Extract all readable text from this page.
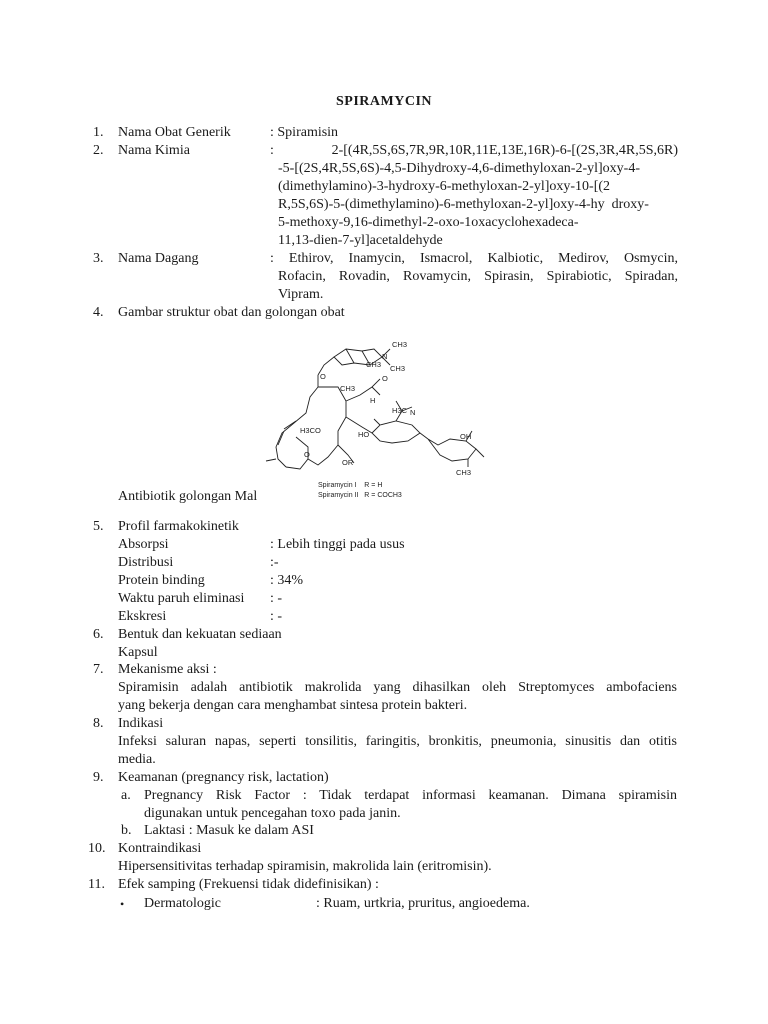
SPIRAMYCIN
1. Nama Obat Generik	: Spiramisin
2. Nama Kimia	: 2-[(4R,5S,6S,7R,9R,10R,11E,13E,16R)-6-[(2S,3R,4R,5S,6R)
-5-[(2S,4R,5S,6S)-4,5-Dihydroxy-4,6-dimethyloxan-2-yl]oxy-4-
(dimethylamino)-3-hydroxy-6-methyloxan-2-yl]oxy-10-[(2
R,5S,6S)-5-(dimethylamino)-6-methyloxan-2-yl]oxy-4-hy  droxy-
5-methoxy-9,16-dimethyl-2-oxo-1oxacyclohexadeca-
11,13-dien-7-yl]acetaldehyde
3. Nama Dagang	: Ethirov, Inamycin, Ismacrol, Kalbiotic, Medirov, Osmycin,
Rofacin, Rovadin, Rovamycin, Spirasin, Spirabiotic, Spiradan,
Vipram.
4. Gambar struktur obat dan golongan obat
CH3
N
CH3 CH3
O
CH3
O
H
H3C N
H3CO	HO	OH
OR
O
CH3
Spiramycin I    R = H
Spiramycin II   R = COCH3
Antibiotik golongan Mal
5. Profil farmakokinetik
Absorpsi	: Lebih tinggi pada usus
Distribusi	:-
Protein binding	: 34%
Waktu paruh eliminasi : -
Ekskresi	: -
6. Bentuk dan kekuatan sediaan
Kapsul
7. Mekanisme aksi :
Spiramisin adalah antibiotik makrolida yang dihasilkan oleh Streptomyces ambofaciens
yang bekerja dengan cara menghambat sintesa protein bakteri.
8. Indikasi
Infeksi saluran napas, seperti tonsilitis, faringitis, bronkitis, pneumonia, sinusitis dan otitis
media.
9. Keamanan (pregnancy risk, lactation)
a. Pregnancy Risk Factor : Tidak terdapat informasi keamanan. Dimana spiramisin
digunakan untuk pencegahan toxo pada janin.
b. Laktasi : Masuk ke dalam ASI
10. Kontraindikasi
Hipersensitivitas terhadap spiramisin, makrolida lain (eritromisin).
11. Efek samping (Frekuensi tidak didefinisikan) :
• Dermatologic	: Ruam, urtkria, pruritus, angioedema.
